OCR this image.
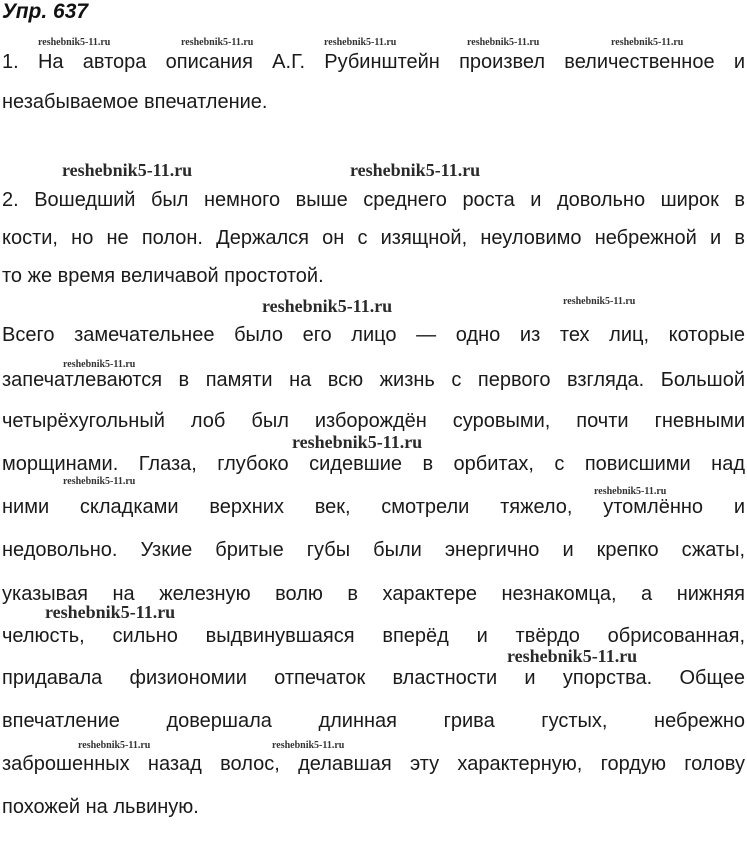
Упр. 637
reshebnik5-11.ru	reshebnik5-11.ru	reshebnik5-11.ru	reshebnik5-11.ru	reshebnik5-11.ru
1. На автора описания А.Г. Рубинштейн произвел величественное и
незабываемое впечатление.
reshebnik5-11.ru	reshebnik5-11.ru
2. Вошедший был немного выше среднего роста и довольно широк в
кости, но не полон. Держался он с изящной, неуловимо небрежной и в
то же время величавой простотой.
reshebnik5-11.ru	reshebnik5-11.ru
Всего замечательнее было его лицо — одно из тех лиц, которые
reshebnik5-11.ru
запечатлеваются в памяти на всю жизнь с первого взгляда. Большой
четырёхугольный лоб был изборождён суровыми, почти гневными
reshebnik5-11.ru
морщинами. Глаза, глубоко сидевшие в орбитах, с повисшими над
reshebnik5-11.ru
reshebnik5-11.ru
ними складками верхних век, смотрели тяжело, утомлённо и
недовольно. Узкие бритые губы были энергично и крепко сжаты,
указывая на железную волю в характере незнакомца, а нижняя
reshebnik5-11.ru
челюсть, сильно выдвинувшаяся вперёд и твёрдо обрисованная,
reshebnik5-11.ru
придавала физиономии отпечаток властности и упорства. Общее
впечатление довершала длинная грива густых, небрежно
reshebnik5-11.ru	reshebnik5-11.ru
заброшенных назад волос, делавшая эту характерную, гордую голову
похожей на львиную.
